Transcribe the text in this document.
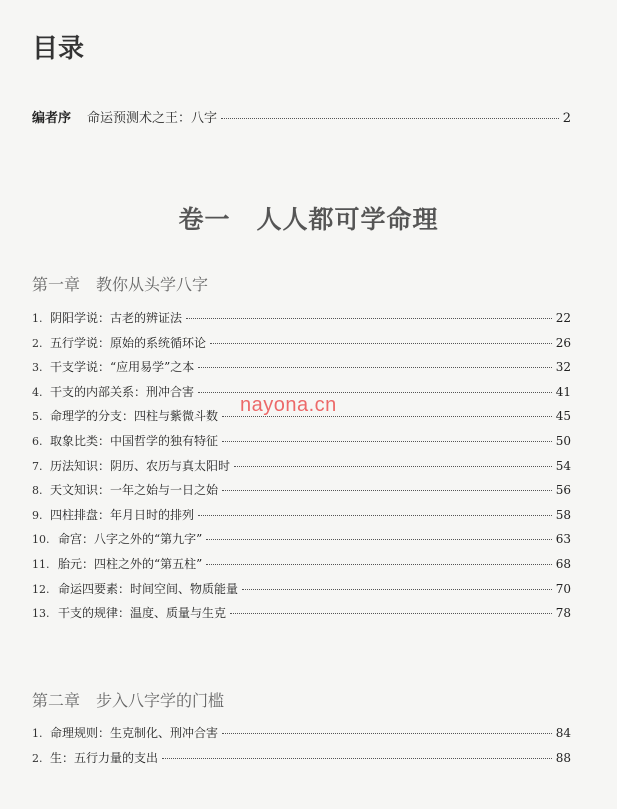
目录
编者序 命运预测术之王：八字	2
卷一　人人都可学命理
第一章　教你从头学八字
1. 阴阳学说：古老的辨证法	22
2. 五行学说：原始的系统循环论	26
3. 干支学说：“应用易学”之本	32
4. 干支的内部关系：刑冲合害	41
5. 命理学的分支：四柱与紫微斗数	45
6. 取象比类：中国哲学的独有特征	50
7. 历法知识：阴历、农历与真太阳时	54
8. 天文知识：一年之始与一日之始	56
9. 四柱排盘：年月日时的排列	58
10. 命宫：八字之外的“第九字”	63
11. 胎元：四柱之外的“第五柱”	68
12. 命运四要素：时间空间、物质能量	70
13. 干支的规律：温度、质量与生克	78
第二章　步入八字学的门槛
1. 命理规则：生克制化、刑冲合害	84
2. 生：五行力量的支出	88
nayona.cn
